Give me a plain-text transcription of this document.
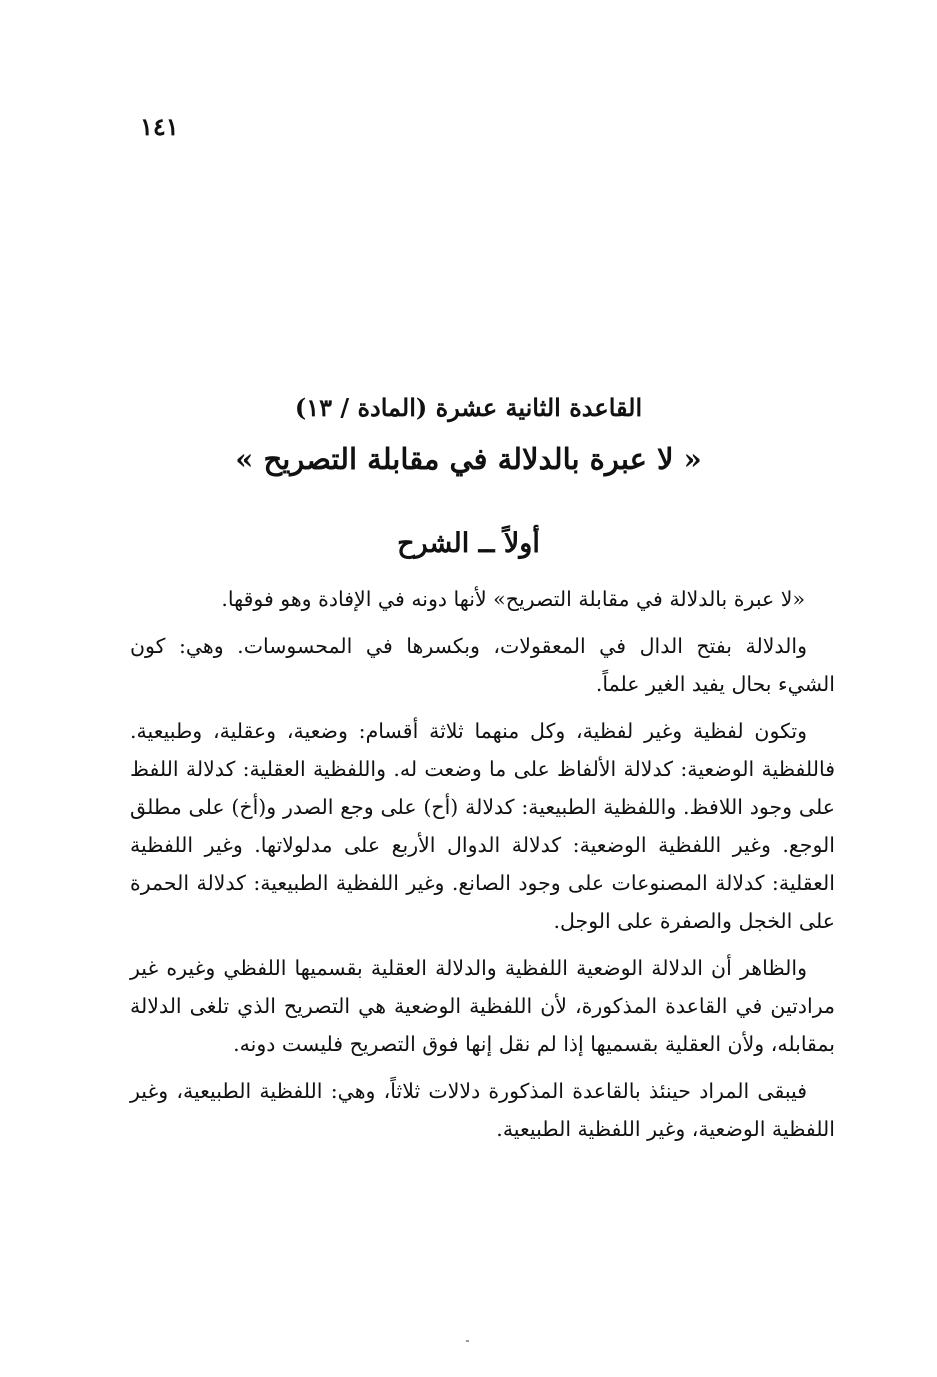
١٤١
القاعدة الثانية عشرة (المادة / ١٣)
« لا عبرة بالدلالة في مقابلة التصريح »
أولاً ــ الشرح

«لا عبرة بالدلالة في مقابلة التصريح» لأنها دونه في الإفادة وهو فوقها.

والدلالة بفتح الدال في المعقولات، وبكسرها في المحسوسات. وهي: كون الشيء بحال يفيد الغير علماً.

وتكون لفظية وغير لفظية، وكل منهما ثلاثة أقسام: وضعية، وعقلية، وطبيعية. فاللفظية الوضعية: كدلالة الألفاظ على ما وضعت له. واللفظية العقلية: كدلالة اللفظ على وجود اللافظ. واللفظية الطبيعية: كدلالة (أح) على وجع الصدر و(أخ) على مطلق الوجع. وغير اللفظية الوضعية: كدلالة الدوال الأربع على مدلولاتها. وغير اللفظية العقلية: كدلالة المصنوعات على وجود الصانع. وغير اللفظية الطبيعية: كدلالة الحمرة على الخجل والصفرة على الوجل.

والظاهر أن الدلالة الوضعية اللفظية والدلالة العقلية بقسميها اللفظي وغيره غير مرادتين في القاعدة المذكورة، لأن اللفظية الوضعية هي التصريح الذي تلغى الدلالة بمقابله، ولأن العقلية بقسميها إذا لم نقل إنها فوق التصريح فليست دونه.

فيبقى المراد حينئذ بالقاعدة المذكورة دلالات ثلاثاً، وهي: اللفظية الطبيعية، وغير اللفظية الوضعية، وغير اللفظية الطبيعية.
